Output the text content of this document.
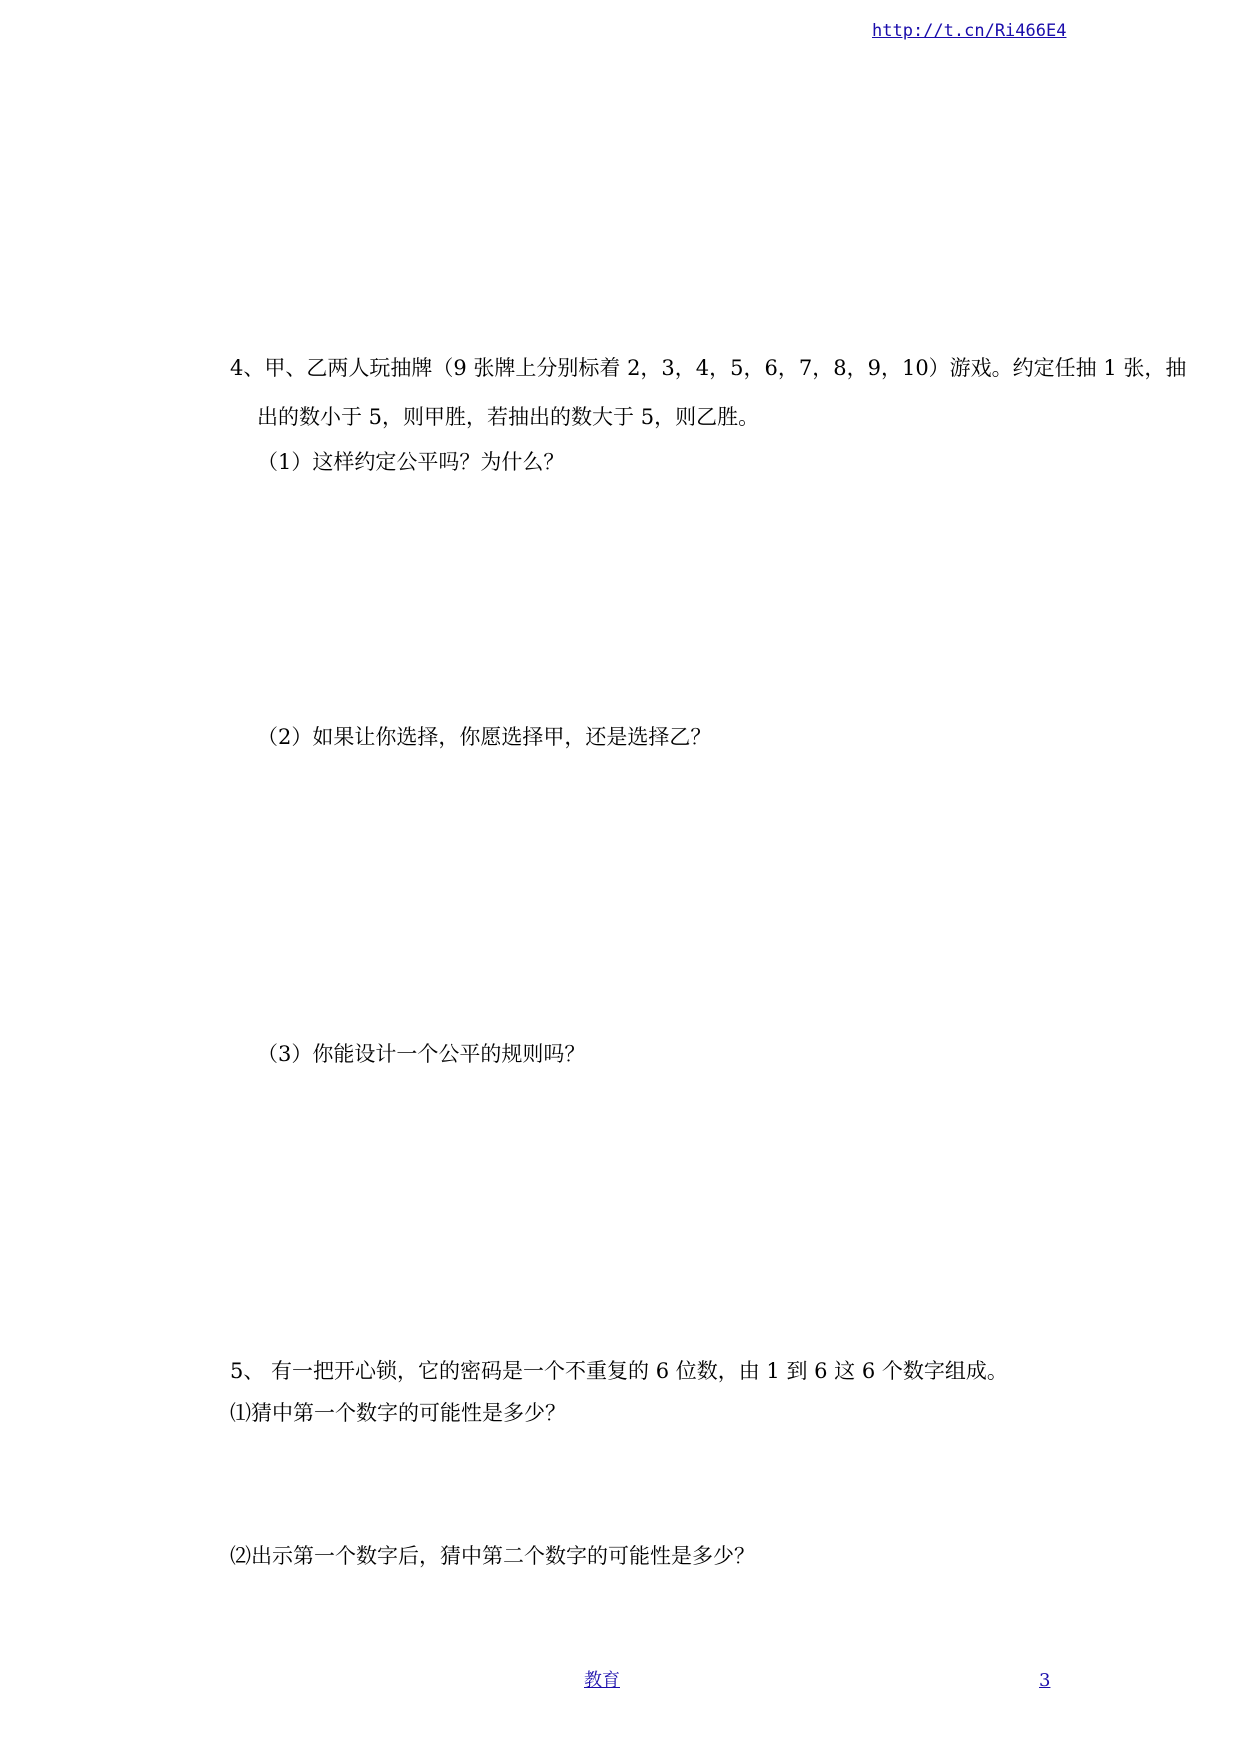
http://t.cn/Ri466E4
4、甲、乙两人玩抽牌（9 张牌上分别标着 2，3，4，5，6，7，8，9，10）游戏。约定任抽 1 张，抽
出的数小于 5，则甲胜，若抽出的数大于 5，则乙胜。
（1）这样约定公平吗？为什么？
（2）如果让你选择，你愿选择甲，还是选择乙？
（3）你能设计一个公平的规则吗？
5、 有一把开心锁，它的密码是一个不重复的 6 位数，由 1 到 6 这 6 个数字组成。
⑴猜中第一个数字的可能性是多少？
⑵出示第一个数字后，猜中第二个数字的可能性是多少？
教育	3
